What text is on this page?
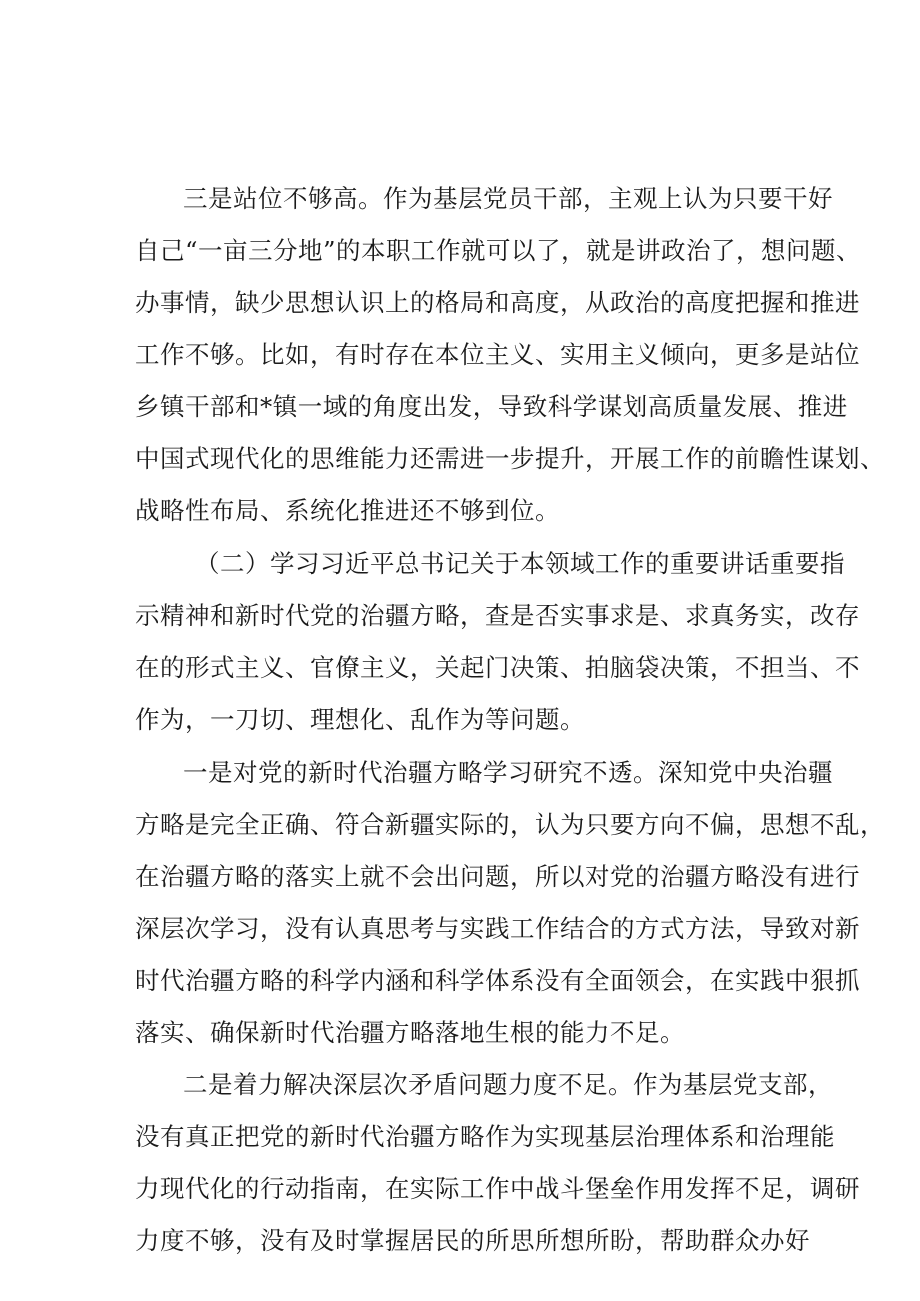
三是站位不够高。作为基层党员干部，主观上认为只要干好
自己“一亩三分地”的本职工作就可以了，就是讲政治了，想问题、
办事情，缺少思想认识上的格局和高度，从政治的高度把握和推进
工作不够。比如，有时存在本位主义、实用主义倾向，更多是站位
乡镇干部和*镇一域的角度出发，导致科学谋划高质量发展、推进
中国式现代化的思维能力还需进一步提升，开展工作的前瞻性谋划、
战略性布局、系统化推进还不够到位。
（二）学习习近平总书记关于本领域工作的重要讲话重要指
示精神和新时代党的治疆方略，查是否实事求是、求真务实，改存
在的形式主义、官僚主义，关起门决策、拍脑袋决策，不担当、不
作为，一刀切、理想化、乱作为等问题。
一是对党的新时代治疆方略学习研究不透。深知党中央治疆
方略是完全正确、符合新疆实际的，认为只要方向不偏，思想不乱，
在治疆方略的落实上就不会出问题，所以对党的治疆方略没有进行
深层次学习，没有认真思考与实践工作结合的方式方法，导致对新
时代治疆方略的科学内涵和科学体系没有全面领会，在实践中狠抓
落实、确保新时代治疆方略落地生根的能力不足。
二是着力解决深层次矛盾问题力度不足。作为基层党支部，
没有真正把党的新时代治疆方略作为实现基层治理体系和治理能
力现代化的行动指南，在实际工作中战斗堡垒作用发挥不足，调研
力度不够，没有及时掌握居民的所思所想所盼，帮助群众办好
